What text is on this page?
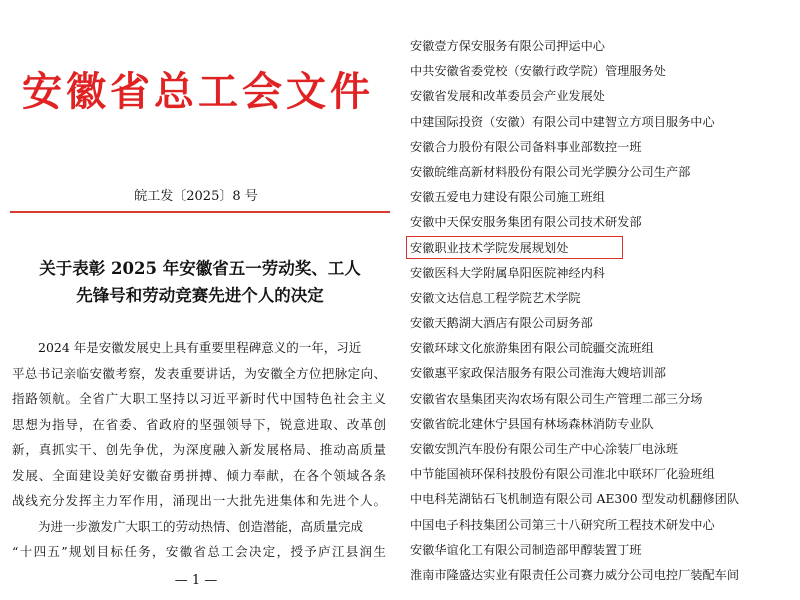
安徽省总工会文件
皖工发〔2025〕8 号
关于表彰 2025 年安徽省五一劳动奖、工人
先锋号和劳动竞赛先进个人的决定
2024 年是安徽发展史上具有重要里程碑意义的一年，习近
平总书记亲临安徽考察，发表重要讲话，为安徽全方位把脉定向、
指路领航。全省广大职工坚持以习近平新时代中国特色社会主义
思想为指导，在省委、省政府的坚强领导下，锐意进取、改革创
新，真抓实干、创先争优，为深度融入新发展格局、推动高质量
发展、全面建设美好安徽奋勇拼搏、倾力奉献，在各个领域各条
战线充分发挥主力军作用，涌现出一大批先进集体和先进个人。
为进一步激发广大职工的劳动热情、创造潜能，高质量完成
“十四五”规划目标任务，安徽省总工会决定，授予庐江县润生
— 1 —
安徽壹方保安服务有限公司押运中心
中共安徽省委党校（安徽行政学院）管理服务处
安徽省发展和改革委员会产业发展处
中建国际投资（安徽）有限公司中建智立方项目服务中心
安徽合力股份有限公司备料事业部数控一班
安徽皖维高新材料股份有限公司光学膜分公司生产部
安徽五爱电力建设有限公司施工班组
安徽中天保安服务集团有限公司技术研发部
安徽职业技术学院发展规划处
安徽医科大学附属阜阳医院神经内科
安徽文达信息工程学院艺术学院
安徽天鹅湖大酒店有限公司厨务部
安徽环球文化旅游集团有限公司皖疆交流班组
安徽惠平家政保洁服务有限公司淮海大嫂培训部
安徽省农垦集团夹沟农场有限公司生产管理二部三分场
安徽省皖北建休宁县国有林场森林消防专业队
安徽安凯汽车股份有限公司生产中心涂装厂电泳班
中节能国祯环保科技股份有限公司淮北中联环厂化验班组
中电科芜湖钻石飞机制造有限公司 AE300 型发动机翻修团队
中国电子科技集团公司第三十八研究所工程技术研发中心
安徽华谊化工有限公司制造部甲醇装置丁班
淮南市隆盛达实业有限责任公司赛力威分公司电控厂装配车间
